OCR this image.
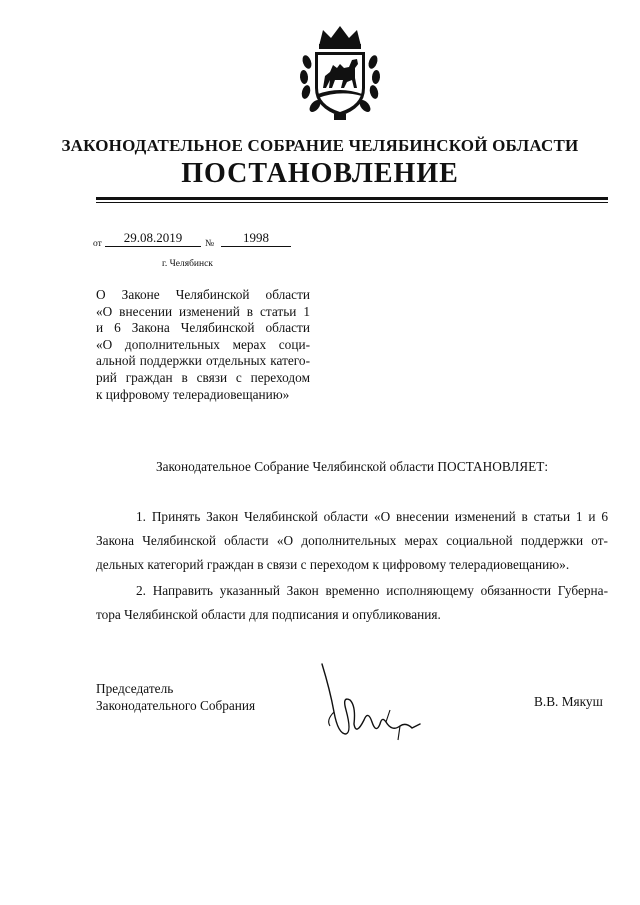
ЗАКОНОДАТЕЛЬНОЕ СОБРАНИЕ ЧЕЛЯБИНСКОЙ ОБЛАСТИ
ПОСТАНОВЛЕНИЕ
от	29.08.2019	№	1998
г. Челябинск
О Законе Челябинской области
«О внесении изменений в статьи 1
и 6 Закона Челябинской области
«О дополнительных мерах соци-
альной поддержки отдельных катего-
рий граждан в связи с переходом
к цифровому телерадиовещанию»
Законодательное Собрание Челябинской области ПОСТАНОВЛЯЕТ:
1. Принять Закон Челябинской области «О внесении изменений в статьи 1 и 6
Закона Челябинской области «О дополнительных мерах социальной поддержки от-
дельных категорий граждан в связи с переходом к цифровому телерадиовещанию».
2. Направить указанный Закон временно исполняющему обязанности Губерна-
тора Челябинской области для подписания и опубликования.
Председатель
Законодательного Собрания	В.В. Мякуш
